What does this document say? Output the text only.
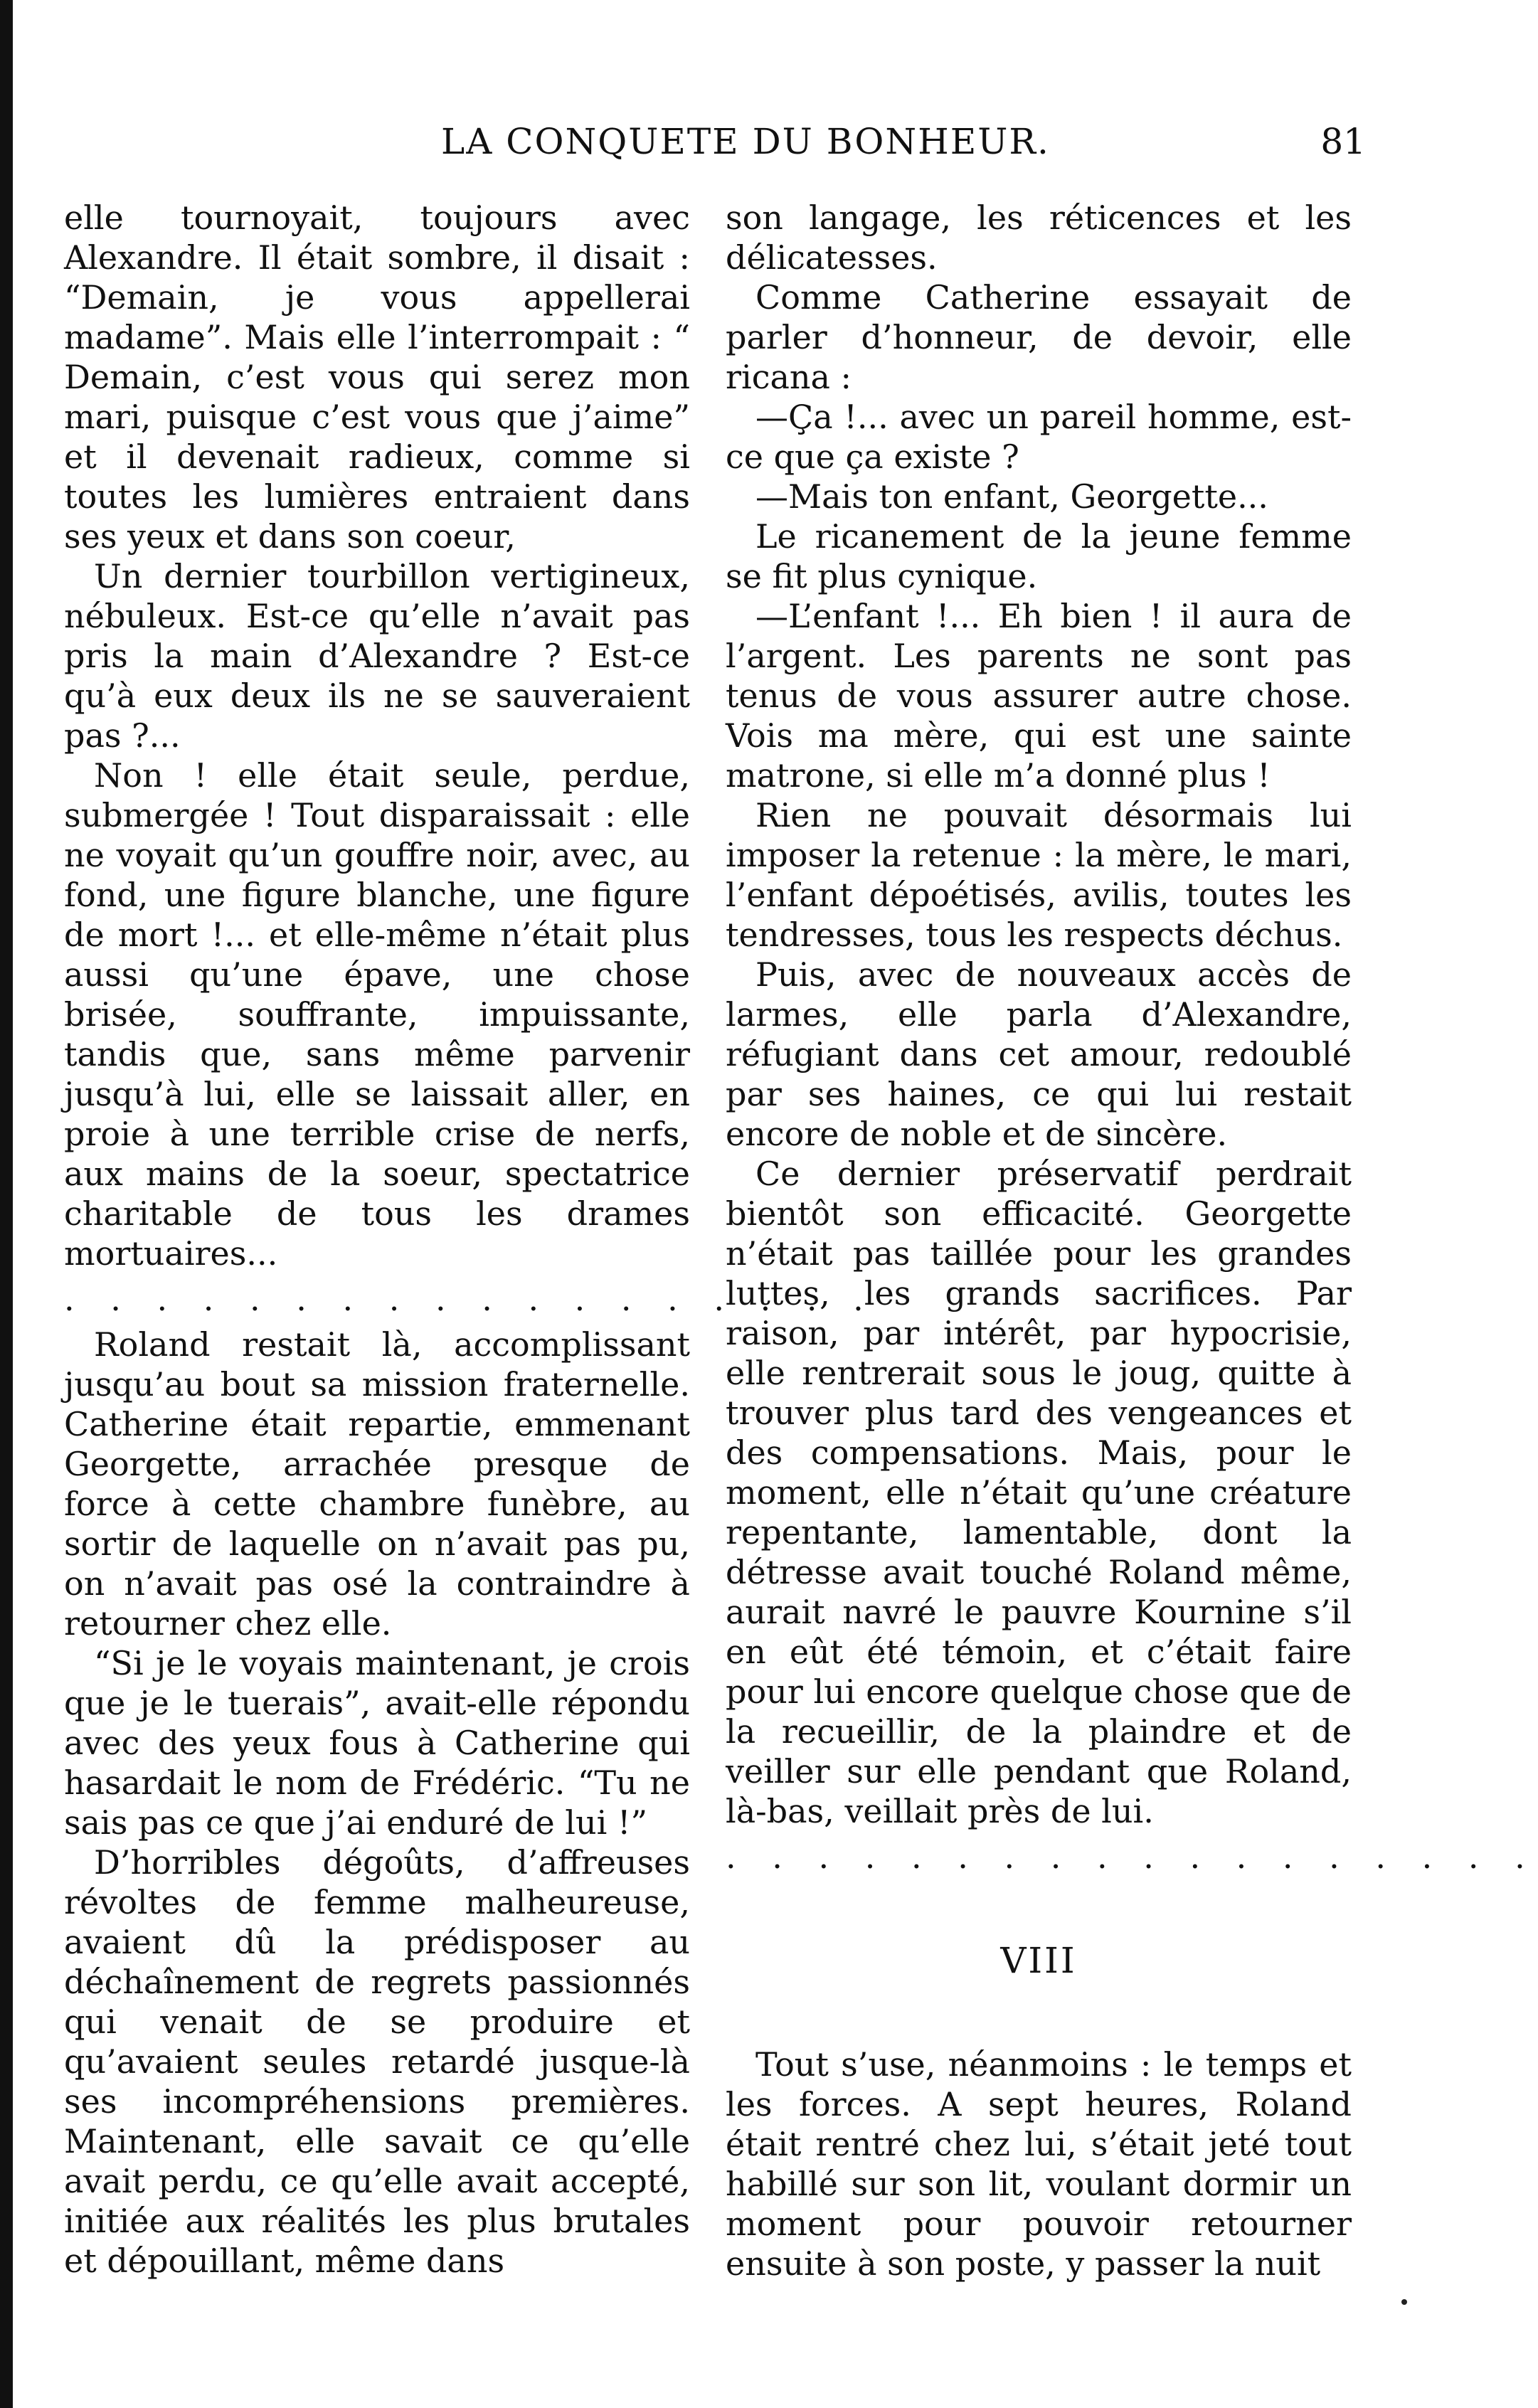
LA CONQUETE DU BONHEUR.	81

elle tournoyait, toujours avec Alexandre. Il était sombre, il disait : “Demain, je vous appellerai madame”. Mais elle l’interrompait : “ Demain, c’est vous qui serez mon mari, puisque c’est vous que j’aime” et il devenait radieux, comme si toutes les lumières entraient dans ses yeux et dans son coeur,

Un dernier tourbillon vertigineux, nébuleux. Est-ce qu’elle n’avait pas pris la main d’Alexandre ? Est-ce qu’à eux deux ils ne se sauveraient pas ?...

Non ! elle était seule, perdue, submergée ! Tout disparaissait : elle ne voyait qu’un gouffre noir, avec, au fond, une figure blanche, une figure de mort !... et elle-même n’était plus aussi qu’une épave, une chose brisée, souffrante, impuissante, tandis que, sans même parvenir jusqu’à lui, elle se laissait aller, en proie à une terrible crise de nerfs, aux mains de la soeur, spectatrice charitable de tous les drames mortuaires...

. . . . . . . . . . . . . . . . . .

Roland restait là, accomplissant jusqu’au bout sa mission fraternelle. Catherine était repartie, emmenant Georgette, arrachée presque de force à cette chambre funèbre, au sortir de laquelle on n’avait pas pu, on n’avait pas osé la contraindre à retourner chez elle.

“Si je le voyais maintenant, je crois que je le tuerais”, avait-elle répondu avec des yeux fous à Catherine qui hasardait le nom de Frédéric. “Tu ne sais pas ce que j’ai enduré de lui !”

D’horribles dégoûts, d’affreuses révoltes de femme malheureuse, avaient dû la prédisposer au déchaînement de regrets passionnés qui venait de se produire et qu’avaient seules retardé jusque-là ses incompréhensions premières. Maintenant, elle savait ce qu’elle avait perdu, ce qu’elle avait accepté, initiée aux réalités les plus brutales et dépouillant, même dans

son langage, les réticences et les délicatesses.

Comme Catherine essayait de parler d’honneur, de devoir, elle ricana :

—Ça !... avec un pareil homme, est-ce que ça existe ?

—Mais ton enfant, Georgette...

Le ricanement de la jeune femme se fit plus cynique.

—L’enfant !... Eh bien ! il aura de l’argent. Les parents ne sont pas tenus de vous assurer autre chose. Vois ma mère, qui est une sainte matrone, si elle m’a donné plus !

Rien ne pouvait désormais lui imposer la retenue : la mère, le mari, l’enfant dépoétisés, avilis, toutes les tendresses, tous les respects déchus.

Puis, avec de nouveaux accès de larmes, elle parla d’Alexandre, réfugiant dans cet amour, redoublé par ses haines, ce qui lui restait encore de noble et de sincère.

Ce dernier préservatif perdrait bientôt son efficacité. Georgette n’était pas taillée pour les grandes luttes, les grands sacrifices. Par raison, par intérêt, par hypocrisie, elle rentrerait sous le joug, quitte à trouver plus tard des vengeances et des compensations. Mais, pour le moment, elle n’était qu’une créature repentante, lamentable, dont la détresse avait touché Roland même, aurait navré le pauvre Kournine s’il en eût été témoin, et c’était faire pour lui encore quelque chose que de la recueillir, de la plaindre et de veiller sur elle pendant que Roland, là-bas, veillait près de lui.

. . . . . . . . . . . . . . . . . .
VIII

Tout s’use, néanmoins : le temps et les forces. A sept heures, Roland était rentré chez lui, s’était jeté tout habillé sur son lit, voulant dormir un moment pour pouvoir retourner ensuite à son poste, y passer la nuit
